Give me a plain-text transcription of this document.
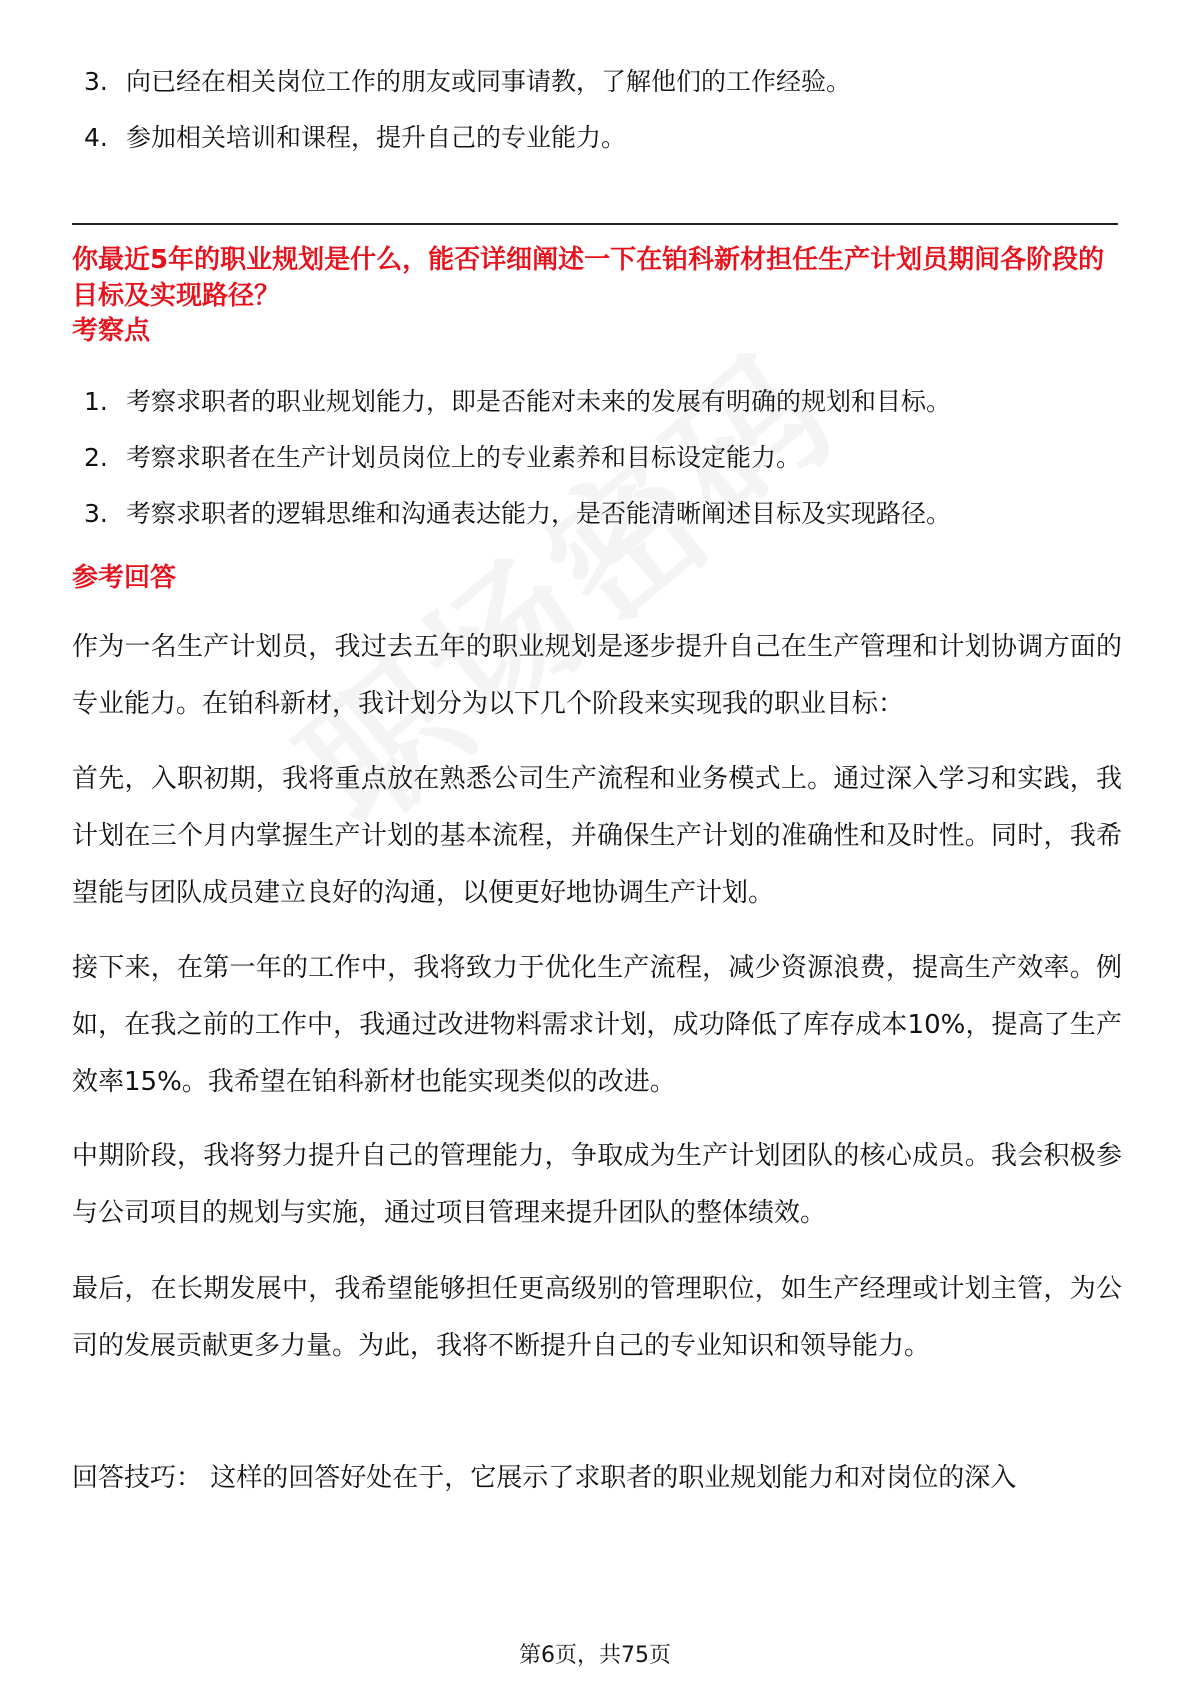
3. 向已经在相关岗位工作的朋友或同事请教，了解他们的工作经验。
4. 参加相关培训和课程，提升自己的专业能力。

你最近5年的职业规划是什么，能否详细阐述一下在铂科新材担任生产计划员期间各阶段的目标及实现路径？

考察点

1. 考察求职者的职业规划能力，即是否能对未来的发展有明确的规划和目标。
2. 考察求职者在生产计划员岗位上的专业素养和目标设定能力。
3. 考察求职者的逻辑思维和沟通表达能力，是否能清晰阐述目标及实现路径。

参考回答

作为一名生产计划员，我过去五年的职业规划是逐步提升自己在生产管理和计划协调方面的专业能力。在铂科新材，我计划分为以下几个阶段来实现我的职业目标：

首先，入职初期，我将重点放在熟悉公司生产流程和业务模式上。通过深入学习和实践，我计划在三个月内掌握生产计划的基本流程，并确保生产计划的准确性和及时性。同时，我希望能与团队成员建立良好的沟通，以便更好地协调生产计划。

接下来，在第一年的工作中，我将致力于优化生产流程，减少资源浪费，提高生产效率。例如，在我之前的工作中，我通过改进物料需求计划，成功降低了库存成本10%，提高了生产效率15%。我希望在铂科新材也能实现类似的改进。

中期阶段，我将努力提升自己的管理能力，争取成为生产计划团队的核心成员。我会积极参与公司项目的规划与实施，通过项目管理来提升团队的整体绩效。

最后，在长期发展中，我希望能够担任更高级别的管理职位，如生产经理或计划主管，为公司的发展贡献更多力量。为此，我将不断提升自己的专业知识和领导能力。

回答技巧： 这样的回答好处在于，它展示了求职者的职业规划能力和对岗位的深入

第6页，共75页
